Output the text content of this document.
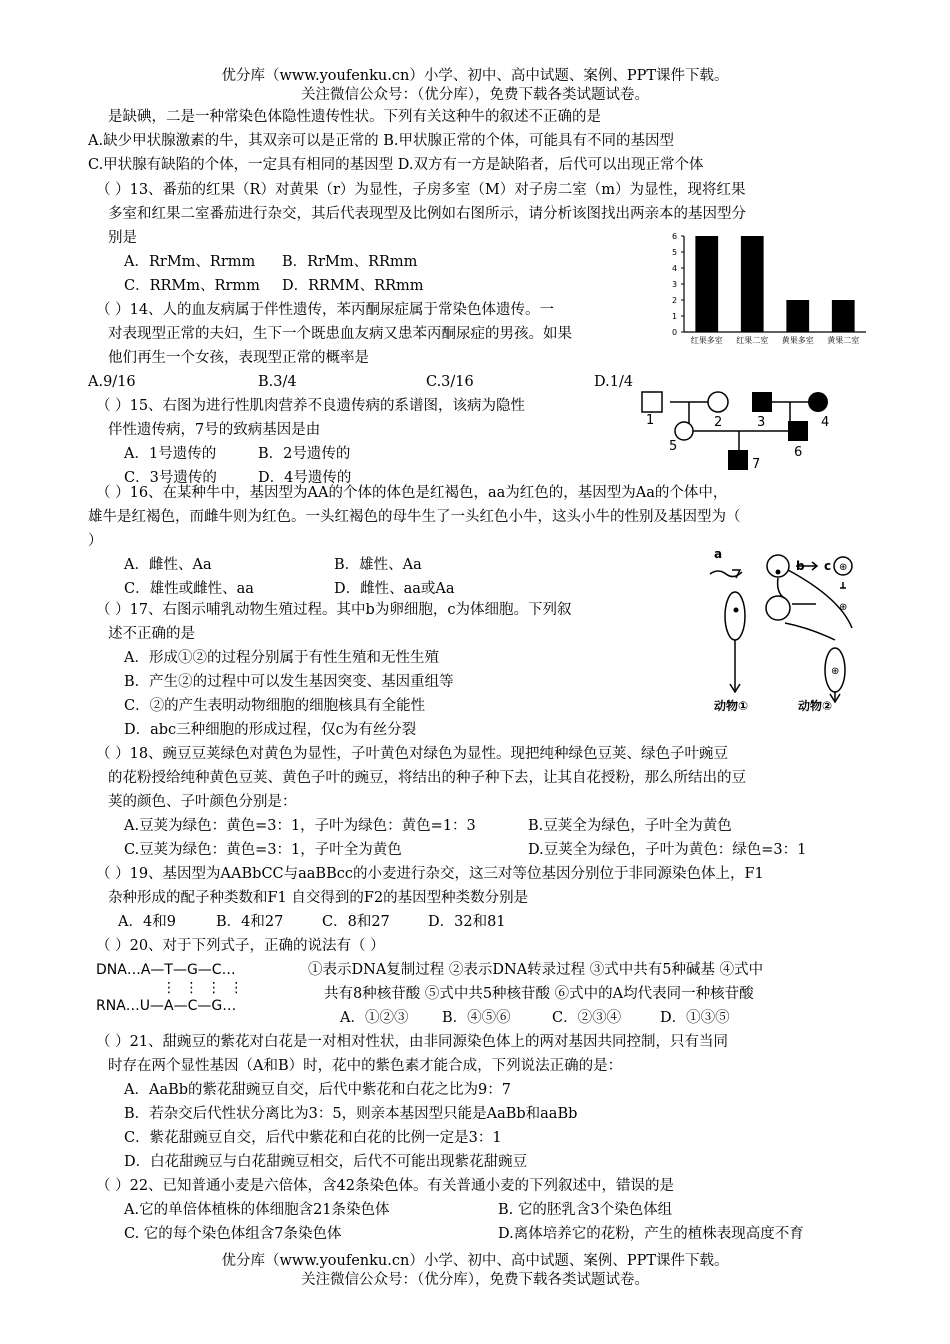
优分库（www.youfenku.cn）小学、初中、高中试题、案例、PPT课件下载。
关注微信公众号：（优分库），免费下载各类试题试卷。
是缺碘，二是一种常染色体隐性遗传性状。下列有关这种牛的叙述不正确的是
A.缺少甲状腺激素的牛，其双亲可以是正常的 B.甲状腺正常的个体，可能具有不同的基因型
C.甲状腺有缺陷的个体，一定具有相同的基因型 D.双方有一方是缺陷者，后代可以出现正常个体
（ ）13、番茄的红果（R）对黄果（r）为显性，子房多室（M）对子房二室（m）为显性，现将红果
多室和红果二室番茄进行杂交，其后代表现型及比例如右图所示，请分析该图找出两亲本的基因型分
别是
A．RrMm、Rrmm B．RrMm、RRmm
C．RRMm、Rrmm D．RRMM、RRmm
0
1
2
3
4
5
6
红果多室 红果二室 黄果多室 黄果二室
（ ）14、人的血友病属于伴性遗传，苯丙酮尿症属于常染色体遗传。一
对表现型正常的夫妇，生下一个既患血友病又患苯丙酮尿症的男孩。如果
他们再生一个女孩，表现型正常的概率是
A.9/16	B.3/4	C.3/16	D.1/4
（ ）15、右图为进行性肌肉营养不良遗传病的系谱图，该病为隐性
伴性遗传病，7号的致病基因是由
A．1号遗传的	B．2号遗传的
C．3号遗传的	D．4号遗传的
1	2	3	4
5	6
7
（ ）16、在某种牛中，基因型为AA的个体的体色是红褐色，aa为红色的，基因型为Aa的个体中，
雄牛是红褐色，而雌牛则为红色。一头红褐色的母牛生了一头红色小牛，这头小牛的性别及基因型为（
）
A．雌性、Aa	B．雄性、Aa
C．雄性或雌性、aa	D．雌性、aa或Aa
⊕
⊕
⊕
a
b c
动物①	动物②
（ ）17、右图示哺乳动物生殖过程。其中b为卵细胞，c为体细胞。下列叙
述不正确的是
A．形成①②的过程分别属于有性生殖和无性生殖
B．产生②的过程中可以发生基因突变、基因重组等
C．②的产生表明动物细胞的细胞核具有全能性
D．abc三种细胞的形成过程，仅c为有丝分裂
（ ）18、豌豆豆荚绿色对黄色为显性，子叶黄色对绿色为显性。现把纯种绿色豆荚、绿色子叶豌豆
的花粉授给纯种黄色豆荚、黄色子叶的豌豆，将结出的种子种下去，让其自花授粉，那么所结出的豆
荚的颜色、子叶颜色分别是：
A.豆荚为绿色：黄色=3：1，子叶为绿色：黄色=1：3	B.豆荚全为绿色，子叶全为黄色
C.豆荚为绿色：黄色=3：1，子叶全为黄色	D.豆荚全为绿色，子叶为黄色：绿色=3：1
（ ）19、基因型为AABbCC与aaBBcc的小麦进行杂交，这三对等位基因分别位于非同源染色体上，F1
杂种形成的配子种类数和F1 自交得到的F2的基因型种类数分别是
A．4和9	B．4和27	C．8和27	D．32和81
（ ）20、对于下列式子，正确的说法有（ ）
DNA…A—T—G—C…
⋮ ⋮ ⋮ ⋮
RNA…U—A—C—G…
①表示DNA复制过程 ②表示DNA转录过程 ③式中共有5种碱基 ④式中
共有8种核苷酸 ⑤式中共5种核苷酸 ⑥式中的A均代表同一种核苷酸
A．①②③ B．④⑤⑥	C．②③④	D．①③⑤
（ ）21、甜豌豆的紫花对白花是一对相对性状，由非同源染色体上的两对基因共同控制，只有当同
时存在两个显性基因（A和B）时，花中的紫色素才能合成，下列说法正确的是：
A．AaBb的紫花甜豌豆自交，后代中紫花和白花之比为9：7
B．若杂交后代性状分离比为3：5，则亲本基因型只能是AaBb和aaBb
C．紫花甜豌豆自交，后代中紫花和白花的比例一定是3：1
D．白花甜豌豆与白花甜豌豆相交，后代不可能出现紫花甜豌豆
（ ）22、已知普通小麦是六倍体，含42条染色体。有关普通小麦的下列叙述中，错误的是
A.它的单倍体植株的体细胞含21条染色体	B. 它的胚乳含3个染色体组
C. 它的每个染色体组含7条染色体	D.离体培养它的花粉，产生的植株表现高度不育
优分库（www.youfenku.cn）小学、初中、高中试题、案例、PPT课件下载。
关注微信公众号：（优分库），免费下载各类试题试卷。
